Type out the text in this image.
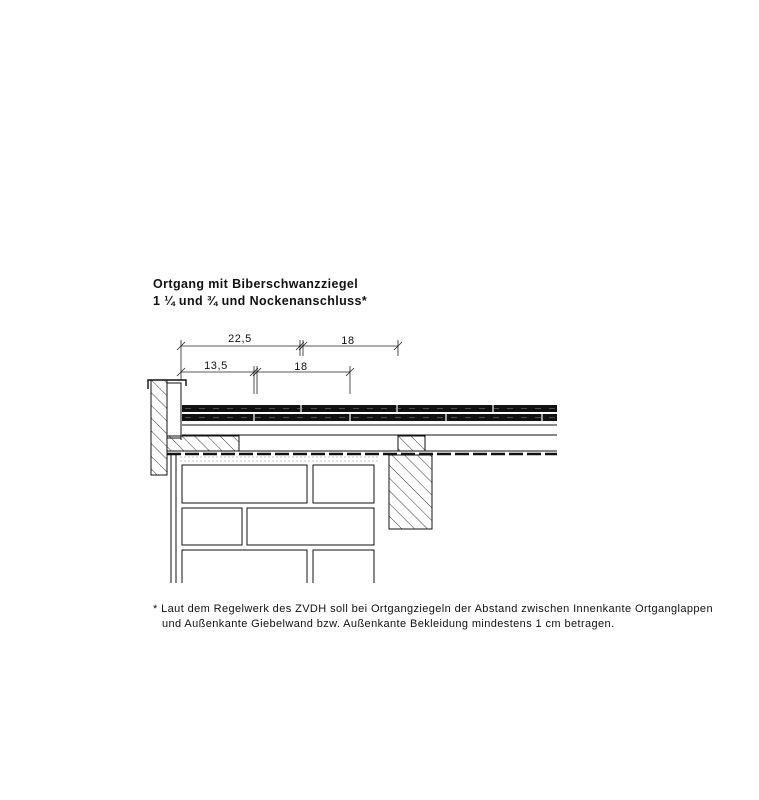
Ortgang mit Biberschwanzziegel
1 ¼ und ¾ und Nockenanschluss*
22,5	18
13,5	18
* Laut dem Regelwerk des ZVDH soll bei Ortgangziegeln der Abstand zwischen Innenkante Ortganglappen
und Außenkante Giebelwand bzw. Außenkante Bekleidung mindestens 1 cm betragen.
